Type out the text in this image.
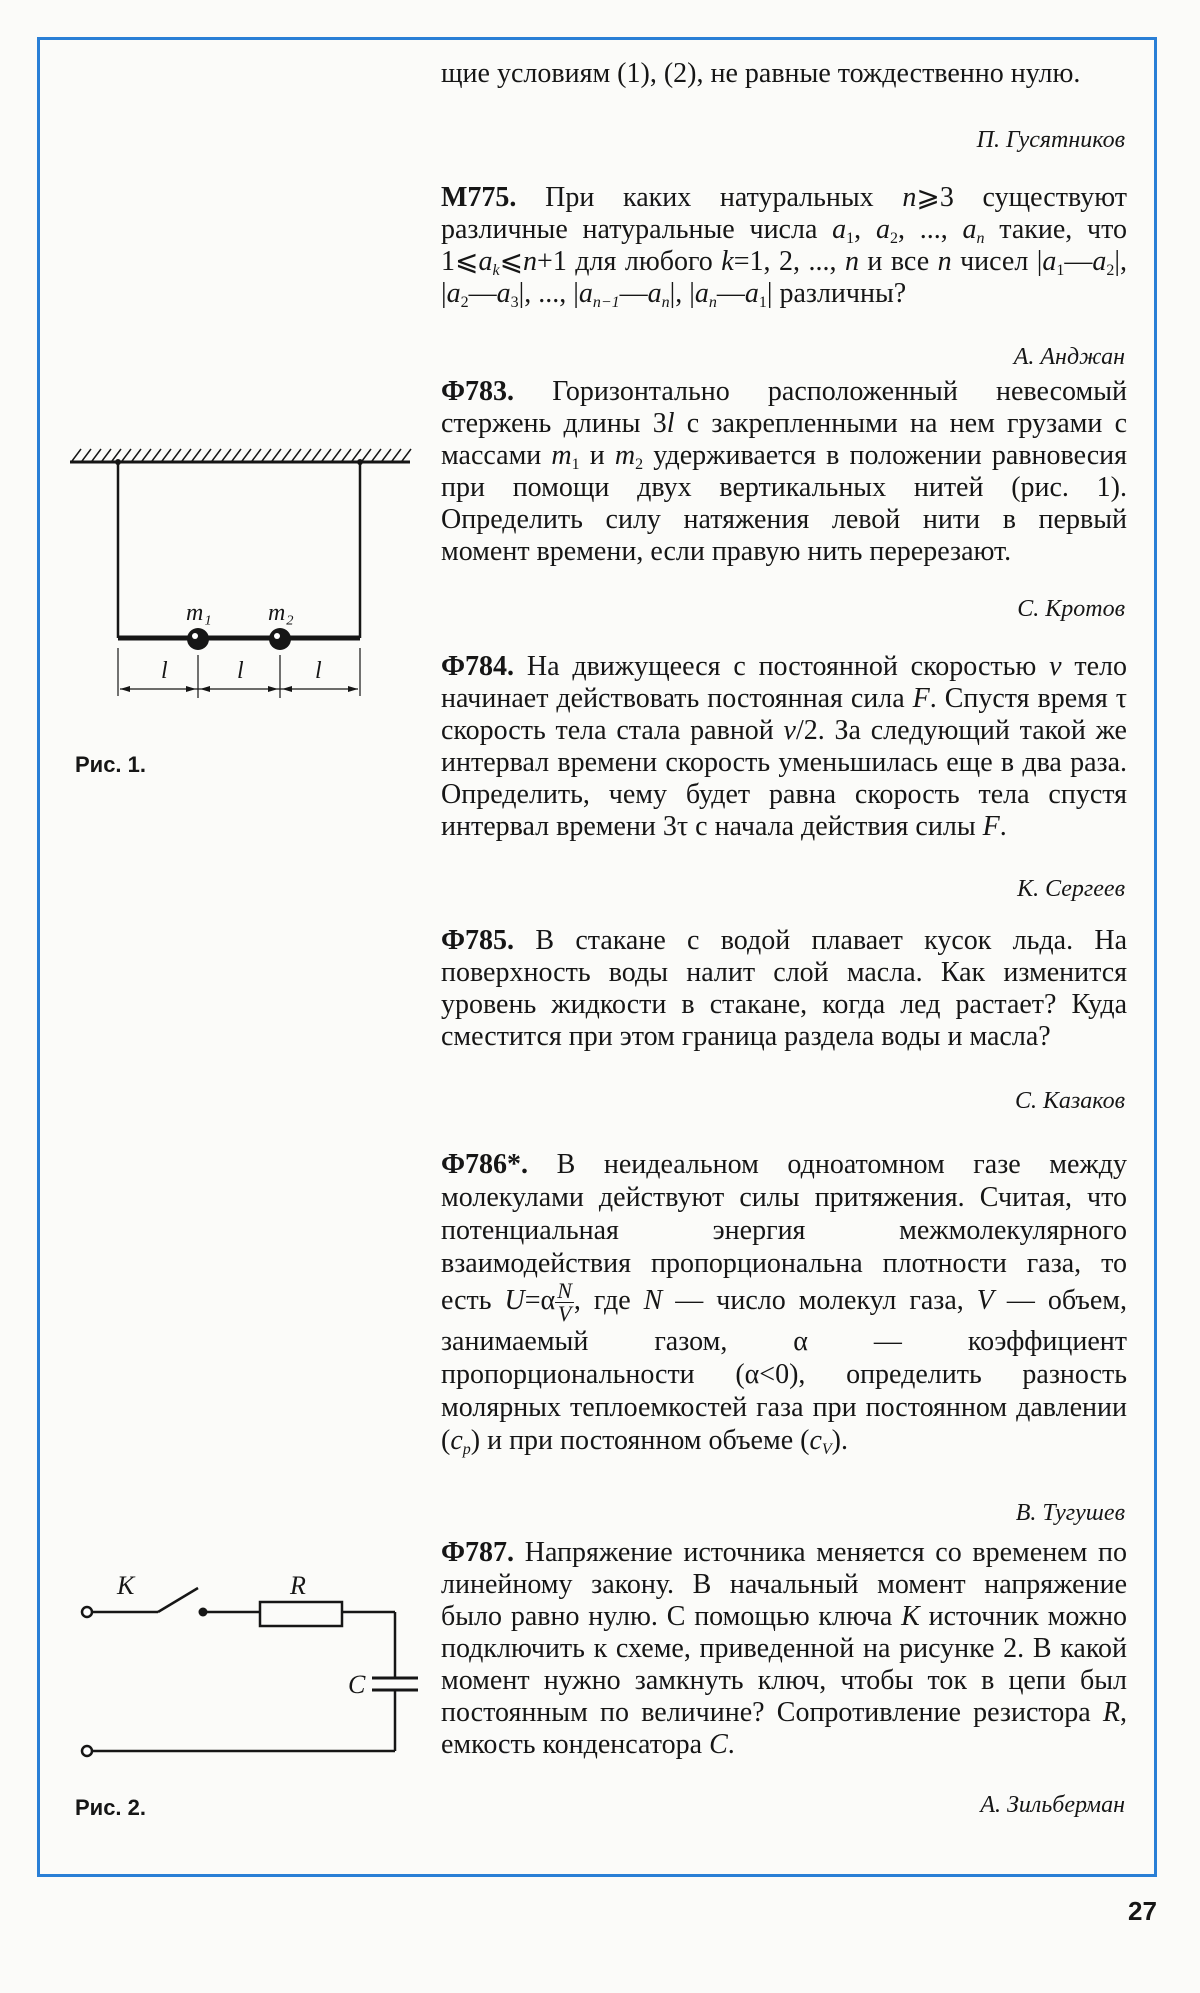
щие условиям (1), (2), не равные тождественно нулю.
П. Гусятников
М775. При каких натуральных n⩾3 существуют различные натуральные числа $a_1$, $a_2$, ..., $a_n$ такие, что $1⩽a_k⩽n+1$ для любого k=1, 2, ..., n и все n чисел $|a_1—a_2|$, $|a_2—a_3|$, ..., $|a_{n-1}—a_n|$, $|a_n—a_1|$ различны?
А. Анджан
Ф783. Горизонтально расположенный невесомый стержень длины 3l с закрепленными на нем грузами с массами $m_1$ и $m_2$ удерживается в положении равновесия при помощи двух вертикальных нитей (рис. 1). Определить силу натяжения левой нити в первый момент времени, если правую нить перерезают.
С. Кротов
Ф784. На движущееся с постоянной скоростью v тело начинает действовать постоянная сила F. Спустя время τ скорость тела стала равной v/2. За следующий такой же интервал времени скорость уменьшилась еще в два раза. Определить, чему будет равна скорость тела спустя интервал времени 3τ с начала действия силы F.
К. Сергеев
Ф785. В стакане с водой плавает кусок льда. На поверхность воды налит слой масла. Как изменится уровень жидкости в стакане, когда лед растает? Куда сместится при этом граница раздела воды и масла?
С. Казаков
Ф786*. В неидеальном одноатомном газе между молекулами действуют силы притяжения. Считая, что потенциальная энергия межмолекулярного взаимодействия пропорциональна плотности газа, то есть $U=\alpha \frac{N}{V}$ , где N — число молекул газа, V — объем, занимаемый газом, α — коэффициент пропорциональности (α<0), определить разность молярных теплоемкостей газа при постоянном давлении $(c_p)$ и при постоянном объеме $(c_V)$.
В. Тугушев
Ф787. Напряжение источника меняется со временем по линейному закону. В начальный момент напряжение было равно нулю. С помощью ключа K источник можно подключить к схеме, приведенной на рисунке 2. В какой момент нужно замкнуть ключ, чтобы ток в цепи был постоянным по величине? Сопротивление резистора R, емкость конденсатора C.
А. Зильберман
m₁ m₂
l	l	l
Рис. 1.
K	R
C
Рис. 2.
27
